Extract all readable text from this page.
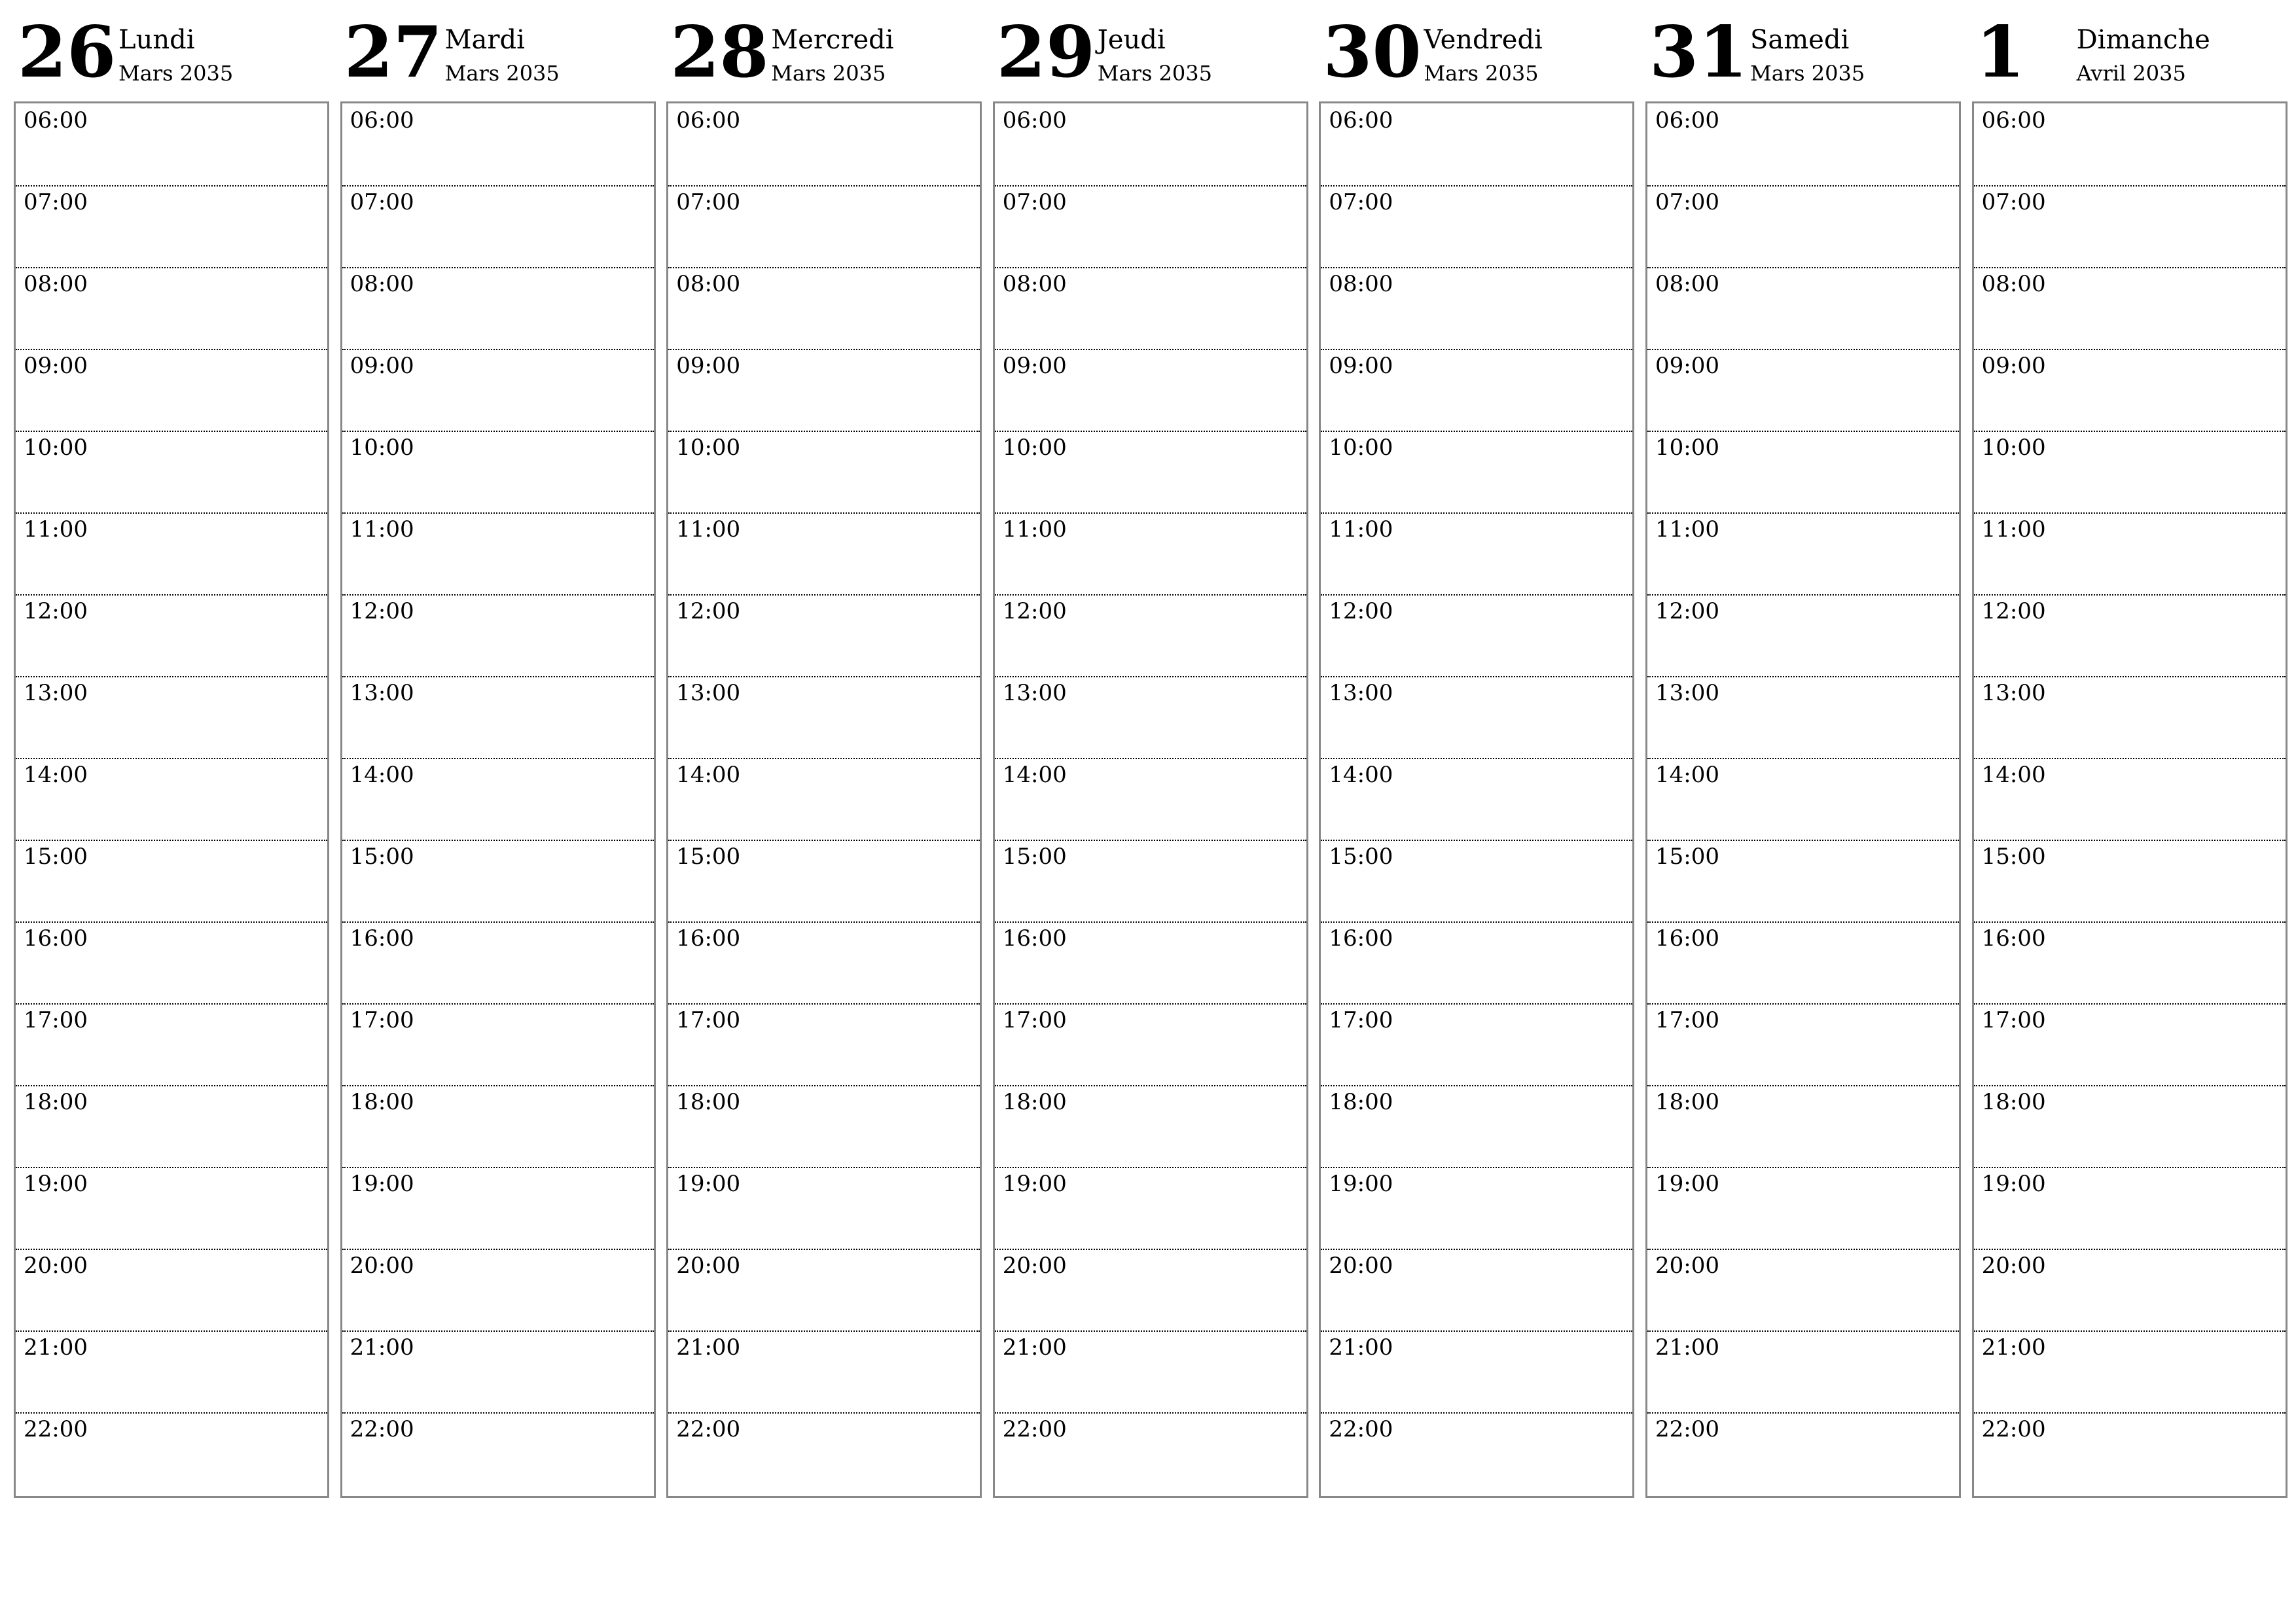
26 Lundi
Mars 2035
06:00
07:00
08:00
09:00
10:00
11:00
12:00
13:00
14:00
15:00
16:00
17:00
18:00
19:00
20:00
21:00
22:00
27 Mardi
Mars 2035
06:00
07:00
08:00
09:00
10:00
11:00
12:00
13:00
14:00
15:00
16:00
17:00
18:00
19:00
20:00
21:00
22:00
28 Mercredi
Mars 2035
06:00
07:00
08:00
09:00
10:00
11:00
12:00
13:00
14:00
15:00
16:00
17:00
18:00
19:00
20:00
21:00
22:00
29 Jeudi
Mars 2035
06:00
07:00
08:00
09:00
10:00
11:00
12:00
13:00
14:00
15:00
16:00
17:00
18:00
19:00
20:00
21:00
22:00
30 Vendredi
Mars 2035
06:00
07:00
08:00
09:00
10:00
11:00
12:00
13:00
14:00
15:00
16:00
17:00
18:00
19:00
20:00
21:00
22:00
31 Samedi
Mars 2035
06:00
07:00
08:00
09:00
10:00
11:00
12:00
13:00
14:00
15:00
16:00
17:00
18:00
19:00
20:00
21:00
22:00
1 Dimanche
Avril 2035
06:00
07:00
08:00
09:00
10:00
11:00
12:00
13:00
14:00
15:00
16:00
17:00
18:00
19:00
20:00
21:00
22:00
